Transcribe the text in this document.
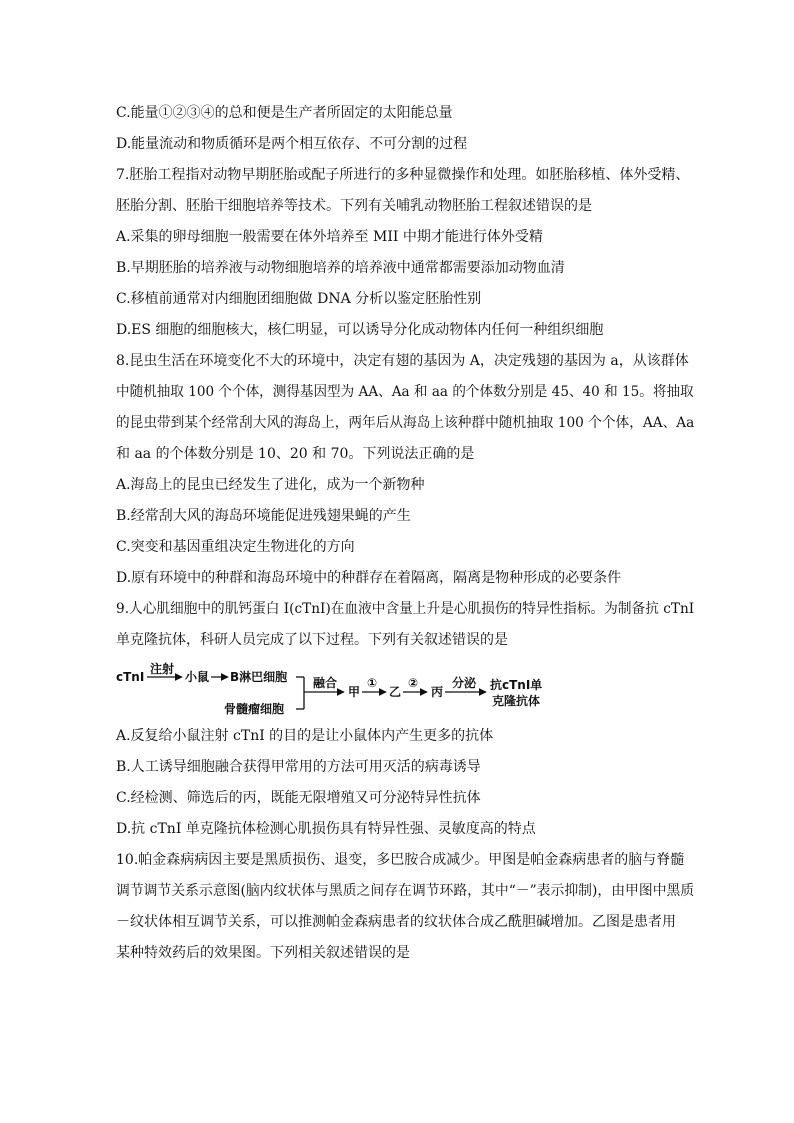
C.能量①②③④的总和便是生产者所固定的太阳能总量
D.能量流动和物质循环是两个相互依存、不可分割的过程
7.胚胎工程指对动物早期胚胎或配子所进行的多种显微操作和处理。如胚胎移植、体外受精、
胚胎分割、胚胎干细胞培养等技术。下列有关哺乳动物胚胎工程叙述错误的是
A.采集的卵母细胞一般需要在体外培养至 MII 中期才能进行体外受精
B.早期胚胎的培养液与动物细胞培养的培养液中通常都需要添加动物血清
C.移植前通常对内细胞团细胞做 DNA 分析以鉴定胚胎性别
D.ES 细胞的细胞核大，核仁明显，可以诱导分化成动物体内任何一种组织细胞
8.昆虫生活在环境变化不大的环境中，决定有翅的基因为 A，决定残翅的基因为 a，从该群体
中随机抽取 100 个个体，测得基因型为 AA、Aa 和 aa 的个体数分别是 45、40 和 15。将抽取
的昆虫带到某个经常刮大风的海岛上，两年后从海岛上该种群中随机抽取 100 个个体，AA、Aa
和 aa 的个体数分别是 10、20 和 70。下列说法正确的是
A.海岛上的昆虫已经发生了进化，成为一个新物种
B.经常刮大风的海岛环境能促进残翅果蝇的产生
C.突变和基因重组决定生物进化的方向
D.原有环境中的种群和海岛环境中的种群存在着隔离，隔离是物种形成的必要条件
9.人心肌细胞中的肌钙蛋白 I(cTnI)在血液中含量上升是心肌损伤的特异性指标。为制备抗 cTnI
单克隆抗体，科研人员完成了以下过程。下列有关叙述错误的是
cTnI
注射
小鼠 B淋巴细胞
骨髓瘤细胞
融合
甲
①
乙
②
丙
分泌 抗cTnI单
克隆抗体
A.反复给小鼠注射 cTnI 的目的是让小鼠体内产生更多的抗体
B.人工诱导细胞融合获得甲常用的方法可用灭活的病毒诱导
C.经检测、筛选后的丙，既能无限增殖又可分泌特异性抗体
D.抗 cTnI 单克隆抗体检测心肌损伤具有特异性强、灵敏度高的特点
10.帕金森病病因主要是黑质损伤、退变，多巴胺合成减少。甲图是帕金森病患者的脑与脊髓
调节调节关系示意图(脑内纹状体与黑质之间存在调节环路，其中“－”表示抑制)，由甲图中黑质
－纹状体相互调节关系，可以推测帕金森病患者的纹状体合成乙酰胆碱增加。乙图是患者用
某种特效药后的效果图。下列相关叙述错误的是
